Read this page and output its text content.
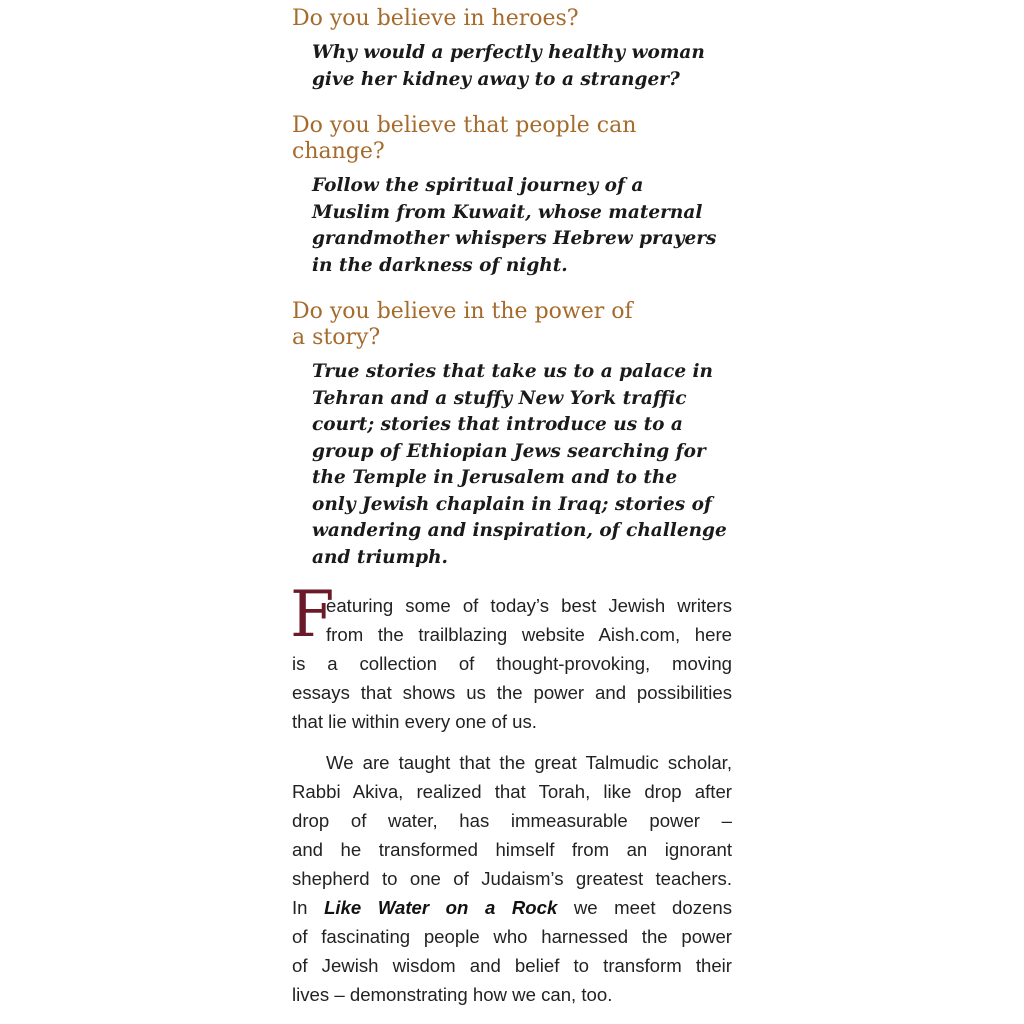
Do you believe in heroes?

Why would a perfectly healthy woman
give her kidney away to a stranger?

Do you believe that people can
change?

Follow the spiritual journey of a
Muslim from Kuwait, whose maternal
grandmother whispers Hebrew prayers
in the darkness of night.

Do you believe in the power of
a story?

True stories that take us to a palace in
Tehran and a stuffy New York traffic
court; stories that introduce us to a
group of Ethiopian Jews searching for
the Temple in Jerusalem and to the
only Jewish chaplain in Iraq; stories of
wandering and inspiration, of challenge
and triumph.

F
eaturing some of today’s best Jewish writers
from the trailblazing website Aish.com, here
is a collection of thought-provoking, moving
essays that shows us the power and possibilities
that lie within every one of us.
We are taught that the great Talmudic scholar,
Rabbi Akiva, realized that Torah, like drop after
drop of water, has immeasurable power –
and he transformed himself from an ignorant
shepherd to one of Judaism’s greatest teachers.
In Like Water on a Rock we meet dozens
of fascinating people who harnessed the power
of Jewish wisdom and belief to transform their
lives – demonstrating how we can, too.
